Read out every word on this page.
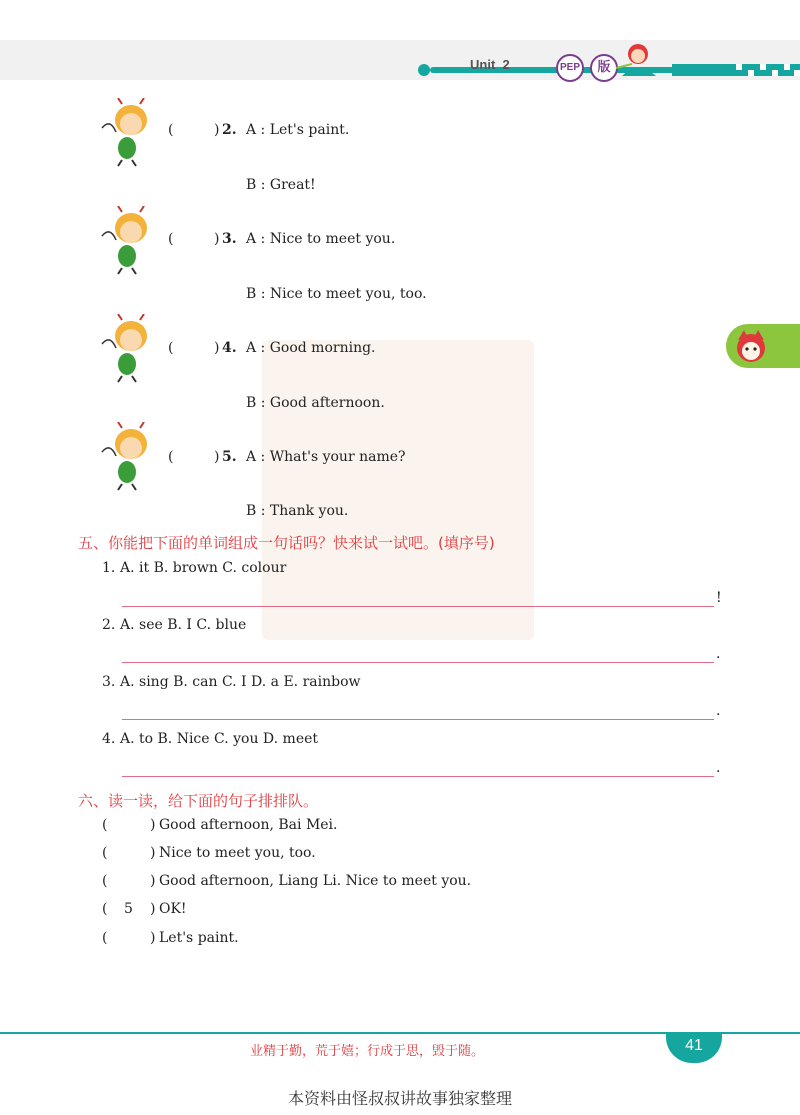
Unit 2	PEP	版
(	) 2. A : Let's paint.
B : Great!
(	) 3. A : Nice to meet you.
B : Nice to meet you, too.
(	) 4. A : Good morning.
B : Good afternoon.
(	) 5. A : What's your name?
B : Thank you.
五、你能把下面的单词组成一句话吗？快来试一试吧。(填序号)
1. A. it B. brown C. colour
!
2. A. see B. I C. blue
.
3. A. sing B. can C. I D. a E. rainbow
.
4. A. to B. Nice C. you D. meet
.
六、读一读，给下面的句子排排队。
(	) Good afternoon, Bai Mei.
(	) Nice to meet you, too.
(	) Good afternoon, Liang Li. Nice to meet you.
( 5 ) OK!
(	) Let's paint.
业精于勤，荒于嬉；行成于思，毁于随。	41
本资料由怪叔叔讲故事独家整理
